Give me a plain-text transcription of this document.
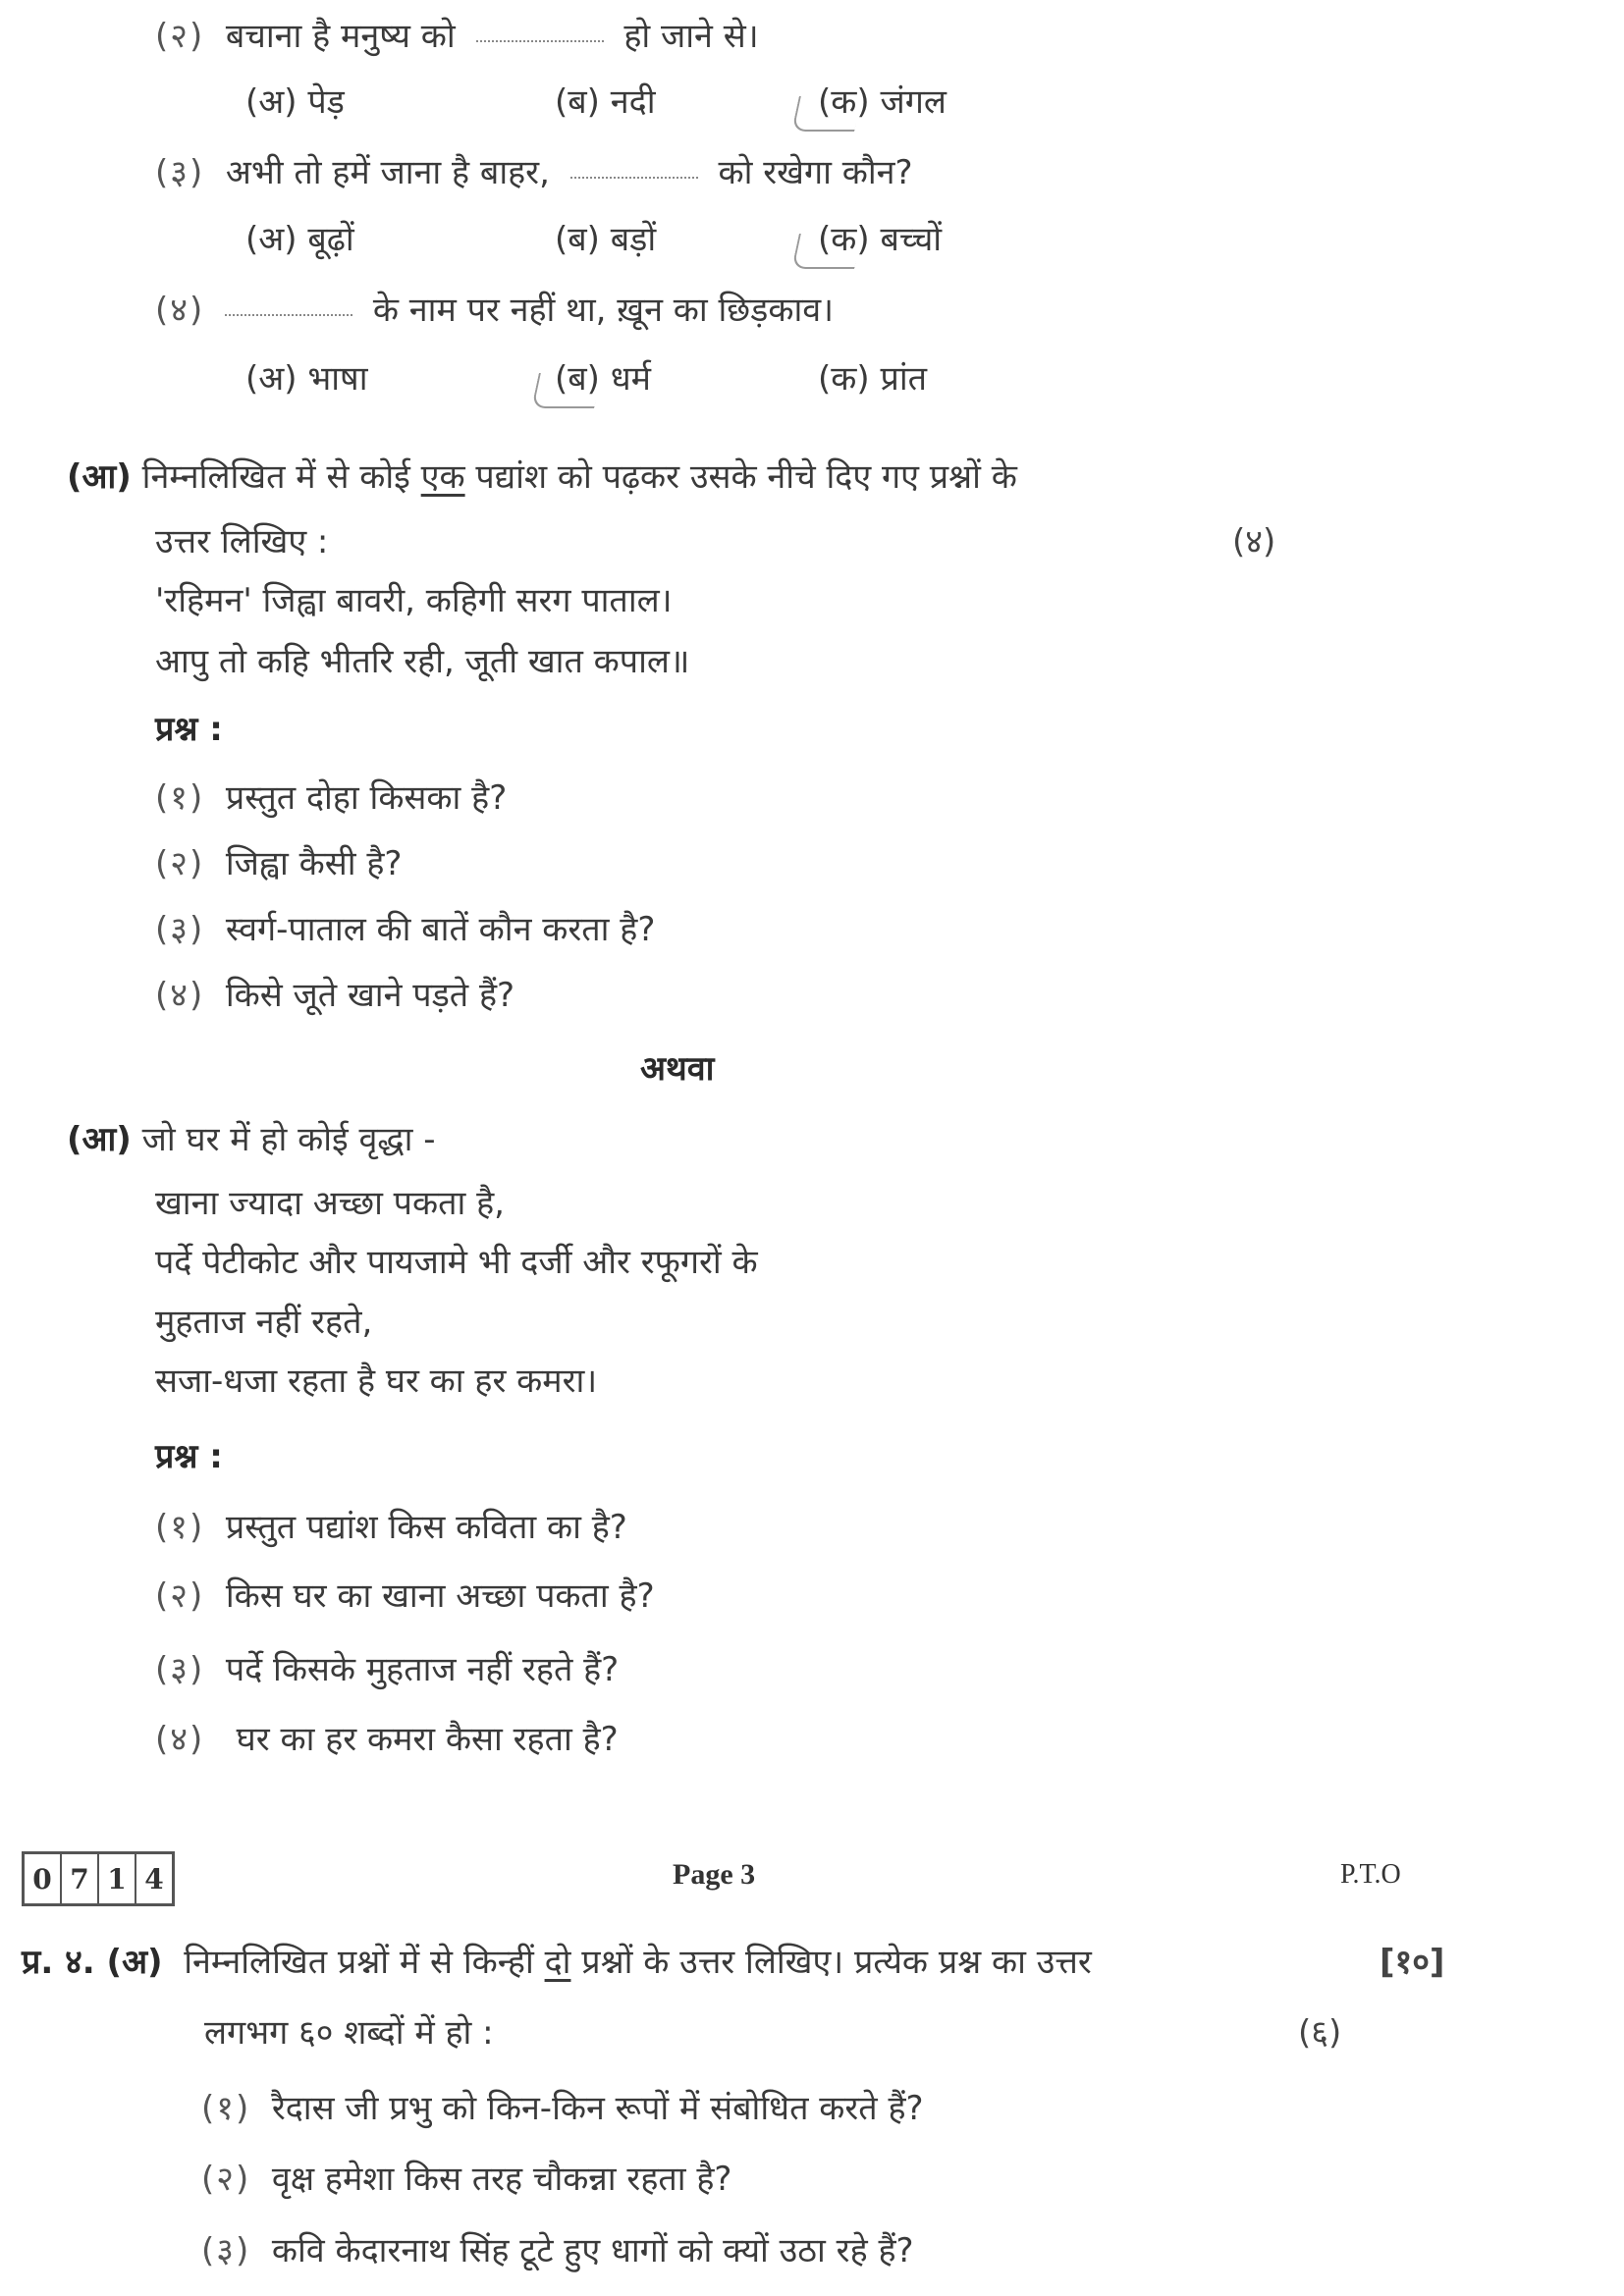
(२) बचाना है मनुष्य को	हो जाने से।
(अ) पेड़	(ब) नदी	(क) जंगल
(३) अभी तो हमें जाना है बाहर,	को रखेगा कौन?
(अ) बूढ़ों	(ब) बड़ों	(क) बच्चों
(४)	के नाम पर नहीं था, ख़ून का छिड़काव।
(अ) भाषा	(ब) धर्म	(क) प्रांत
(आ) निम्नलिखित में से कोई एक पद्यांश को पढ़कर उसके नीचे दिए गए प्रश्नों के
उत्तर लिखिए :	(४)
'रहिमन' जिह्वा बावरी, कहिगी सरग पाताल।
आपु तो कहि भीतरि रही, जूती खात कपाल॥
प्रश्न :
(१) प्रस्तुत दोहा किसका है?
(२) जिह्वा कैसी है?
(३) स्वर्ग-पाताल की बातें कौन करता है?
(४) किसे जूते खाने पड़ते हैं?
अथवा
(आ) जो घर में हो कोई वृद्धा -
खाना ज्यादा अच्छा पकता है,
पर्दे पेटीकोट और पायजामे भी दर्जी और रफूगरों के
मुहताज नहीं रहते,
सजा-धजा रहता है घर का हर कमरा।
प्रश्न :
(१) प्रस्तुत पद्यांश किस कविता का है?
(२) किस घर का खाना अच्छा पकता है?
(३) पर्दे किसके मुहताज नहीं रहते हैं?
(४) घर का हर कमरा कैसा रहता है?
0 7 1 4	Page 3	P.T.O
प्र. ४. (अ) निम्नलिखित प्रश्नों में से किन्हीं दो प्रश्नों के उत्तर लिखिए। प्रत्येक प्रश्न का उत्तर	[१०]
लगभग ६० शब्दों में हो :	(६)
(१) रैदास जी प्रभु को किन-किन रूपों में संबोधित करते हैं?
(२) वृक्ष हमेशा किस तरह चौकन्ना रहता है?
(३) कवि केदारनाथ सिंह टूटे हुए धागों को क्यों उठा रहे हैं?
